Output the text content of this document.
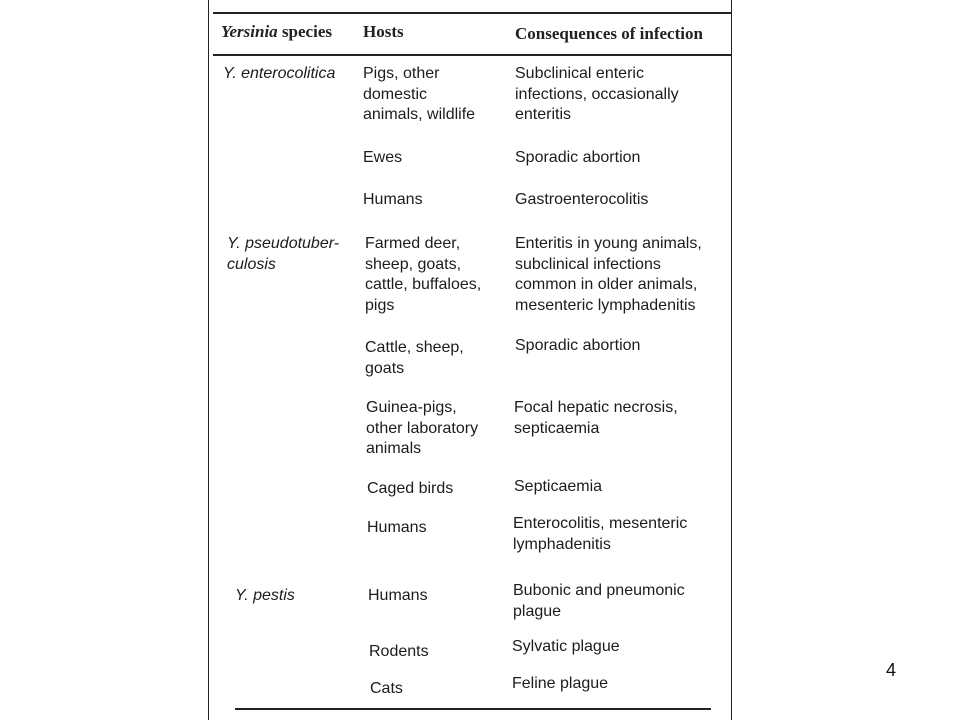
Yersinia species Hosts	Consequences of infection
Y. enterocolitica
Y. pseudotuber-
culosis
Y. pestis
Pigs, other
domestic
animals, wildlife
Ewes
Humans
Farmed deer,
sheep, goats,
cattle, buffaloes,
pigs
Cattle, sheep,
goats
Guinea-pigs,
other laboratory
animals
Caged birds
Humans
Humans
Rodents
Cats
Subclinical enteric
infections, occasionally
enteritis
Sporadic abortion
Gastroenterocolitis
Enteritis in young animals,
subclinical infections
common in older animals,
mesenteric lymphadenitis
Sporadic abortion
Focal hepatic necrosis,
septicaemia
Septicaemia
Enterocolitis, mesenteric
lymphadenitis
Bubonic and pneumonic
plague
Sylvatic plague
Feline plague
4
